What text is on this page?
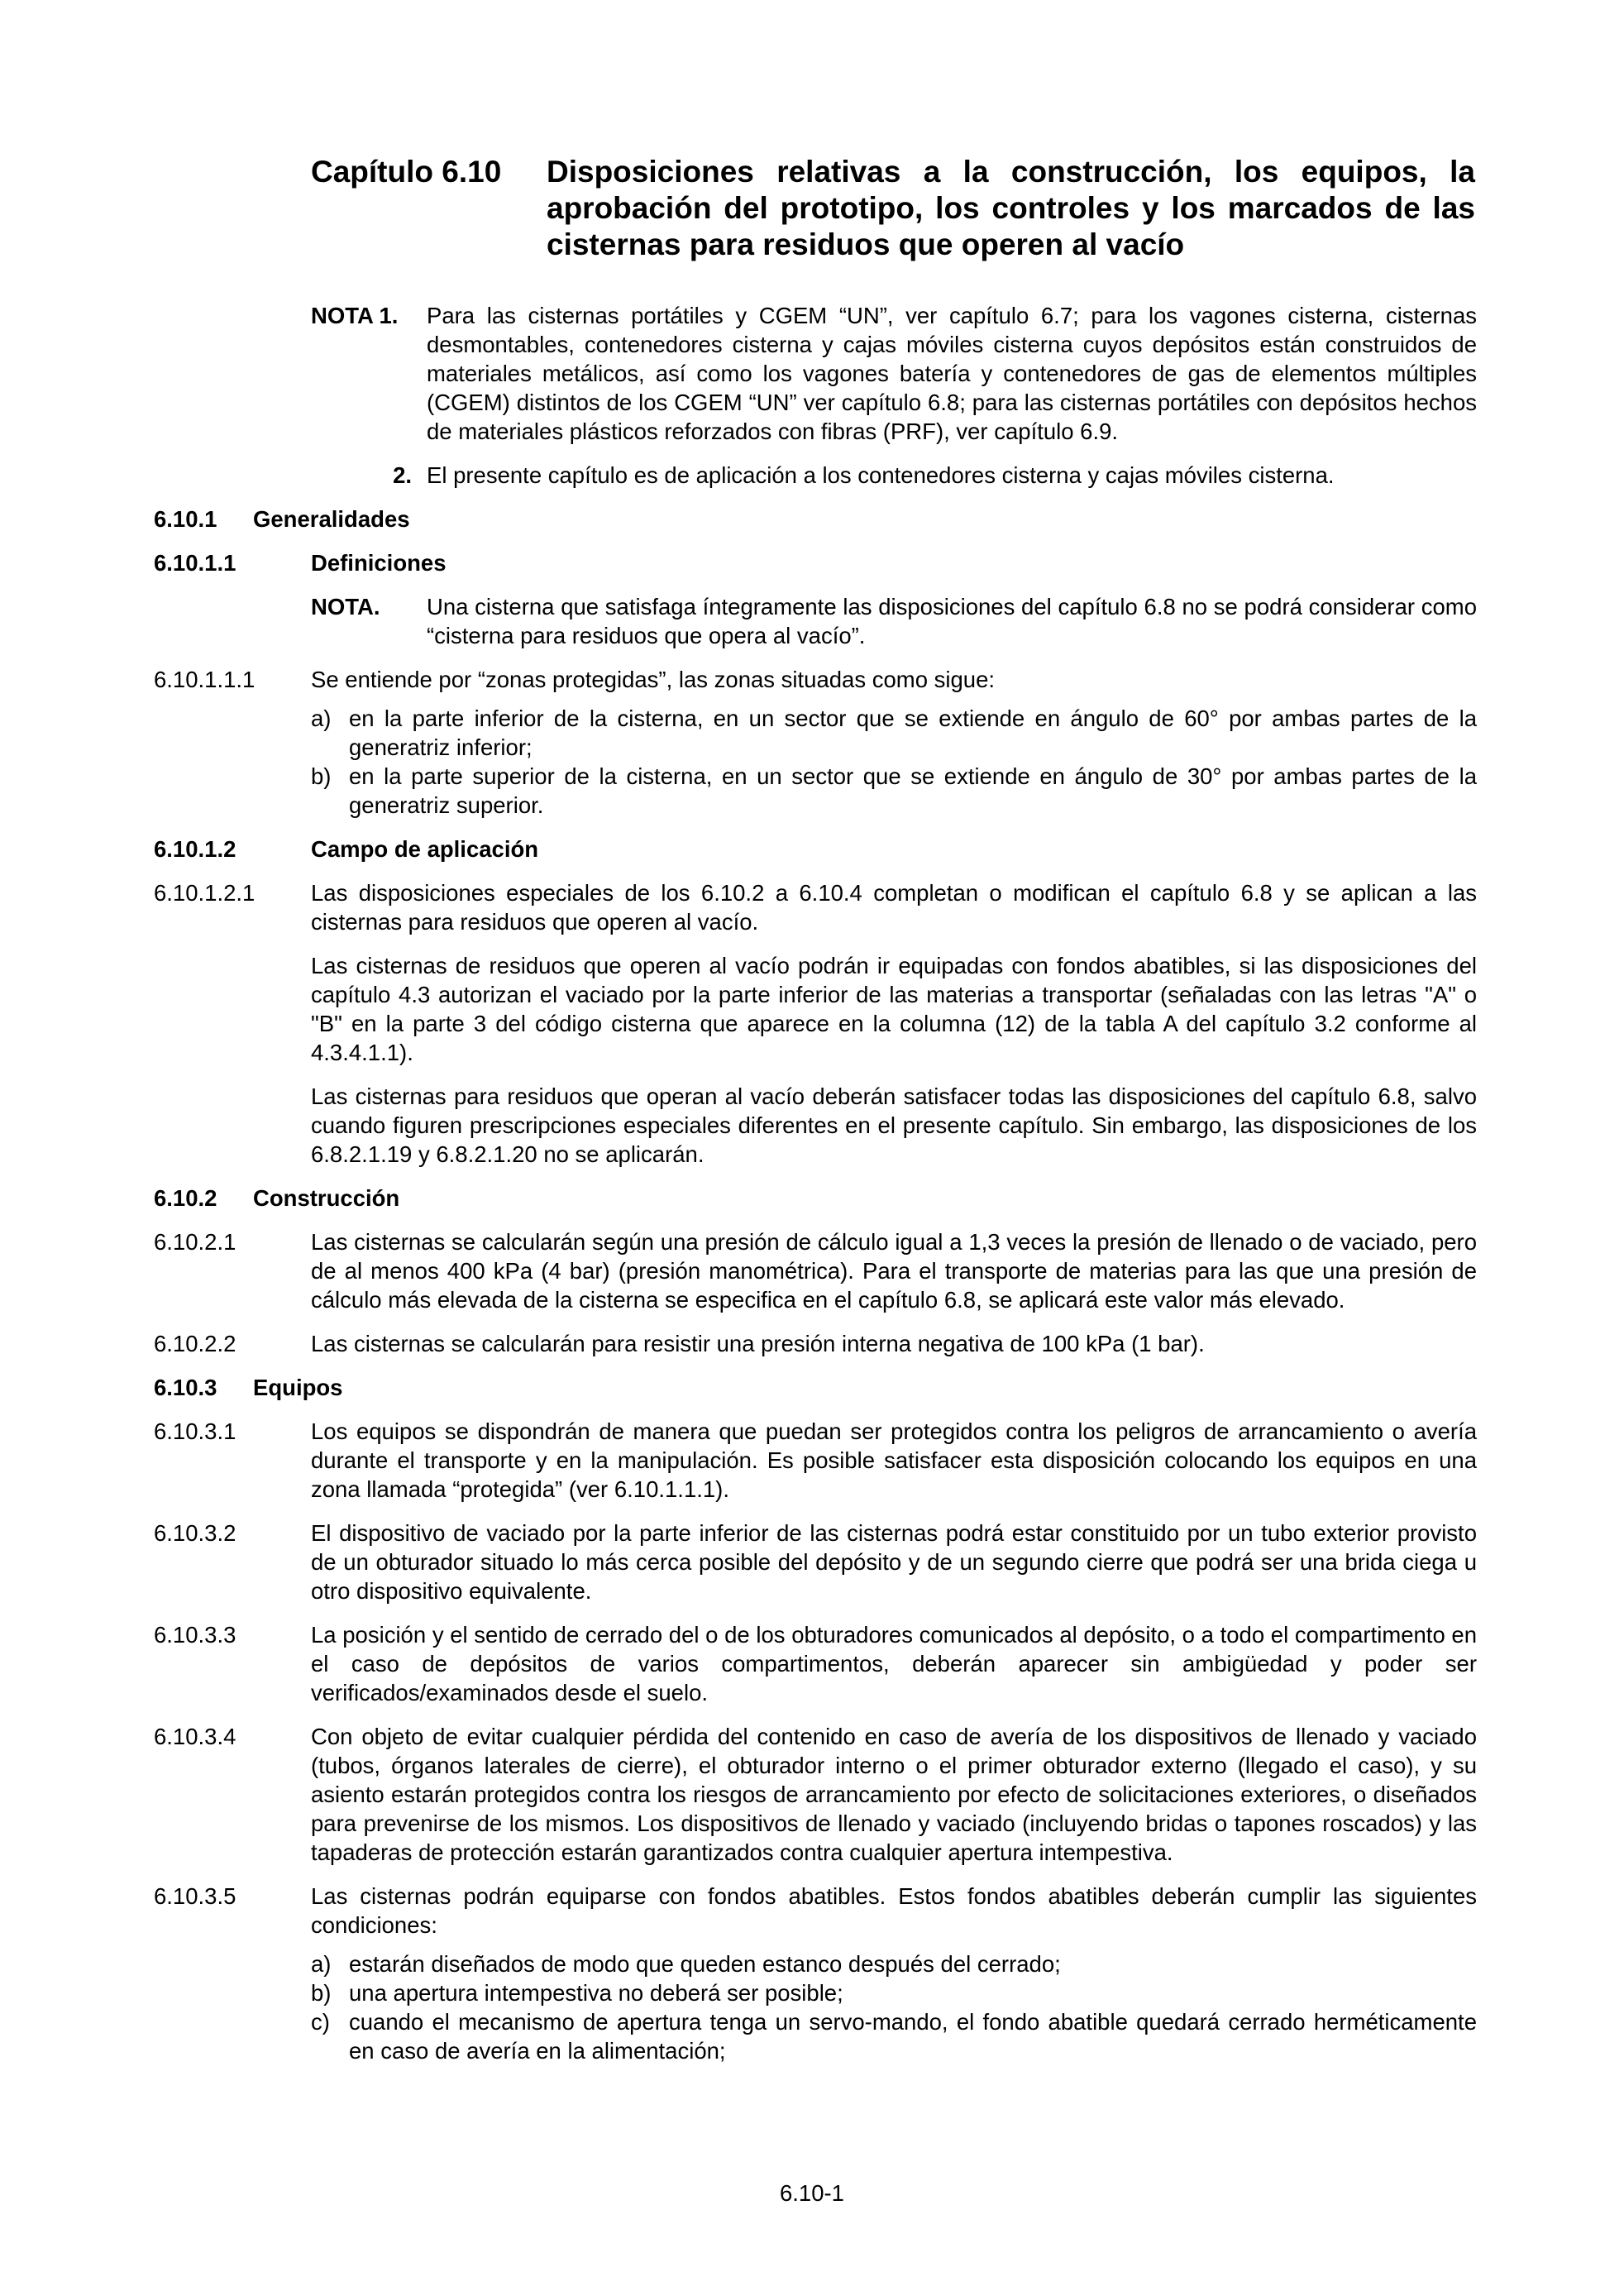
Capítulo 6.10	Disposiciones relativas a la construcción, los equipos, la aprobación del prototipo, los controles y los marcados de las cisternas para residuos que operen al vacío
NOTA 1.	Para las cisternas portátiles y CGEM “UN”, ver capítulo 6.7; para los vagones cisterna, cisternas desmontables, contenedores cisterna y cajas móviles cisterna cuyos depósitos están construidos de materiales metálicos, así como los vagones batería y contenedores de gas de elementos múltiples (CGEM) distintos de los CGEM “UN” ver capítulo 6.8; para las cisternas portátiles con depósitos hechos de materiales plásticos reforzados con fibras (PRF), ver capítulo 6.9.
2. El presente capítulo es de aplicación a los contenedores cisterna y cajas móviles cisterna.
6.10.1	Generalidades
6.10.1.1	Definiciones
NOTA.	Una cisterna que satisfaga íntegramente las disposiciones del capítulo 6.8 no se podrá considerar como “cisterna para residuos que opera al vacío”.
6.10.1.1.1	Se entiende por “zonas protegidas”, las zonas situadas como sigue:
a) en la parte inferior de la cisterna, en un sector que se extiende en ángulo de 60° por ambas partes de la generatriz inferior;
b) en la parte superior de la cisterna, en un sector que se extiende en ángulo de 30° por ambas partes de la generatriz superior.
6.10.1.2	Campo de aplicación
6.10.1.2.1	Las disposiciones especiales de los 6.10.2 a 6.10.4 completan o modifican el capítulo 6.8 y se aplican a las cisternas para residuos que operen al vacío.
Las cisternas de residuos que operen al vacío podrán ir equipadas con fondos abatibles, si las disposiciones del capítulo 4.3 autorizan el vaciado por la parte inferior de las materias a transportar (señaladas con las letras "A" o "B" en la parte 3 del código cisterna que aparece en la columna (12) de la tabla A del capítulo 3.2 conforme al 4.3.4.1.1).
Las cisternas para residuos que operan al vacío deberán satisfacer todas las disposiciones del capítulo 6.8, salvo cuando figuren prescripciones especiales diferentes en el presente capítulo. Sin embargo, las disposiciones de los 6.8.2.1.19 y 6.8.2.1.20 no se aplicarán.
6.10.2	Construcción
6.10.2.1	Las cisternas se calcularán según una presión de cálculo igual a 1,3 veces la presión de llenado o de vaciado, pero de al menos 400 kPa (4 bar) (presión manométrica). Para el transporte de materias para las que una presión de cálculo más elevada de la cisterna se especifica en el capítulo 6.8, se aplicará este valor más elevado.
6.10.2.2	Las cisternas se calcularán para resistir una presión interna negativa de 100 kPa (1 bar).
6.10.3	Equipos
6.10.3.1	Los equipos se dispondrán de manera que puedan ser protegidos contra los peligros de arrancamiento o avería durante el transporte y en la manipulación. Es posible satisfacer esta disposición colocando los equipos en una zona llamada “protegida” (ver 6.10.1.1.1).
6.10.3.2	El dispositivo de vaciado por la parte inferior de las cisternas podrá estar constituido por un tubo exterior provisto de un obturador situado lo más cerca posible del depósito y de un segundo cierre que podrá ser una brida ciega u otro dispositivo equivalente.
6.10.3.3	La posición y el sentido de cerrado del o de los obturadores comunicados al depósito, o a todo el compartimento en el caso de depósitos de varios compartimentos, deberán aparecer sin ambigüedad y poder ser verificados/examinados desde el suelo.
6.10.3.4	Con objeto de evitar cualquier pérdida del contenido en caso de avería de los dispositivos de llenado y vaciado (tubos, órganos laterales de cierre), el obturador interno o el primer obturador externo (llegado el caso), y su asiento estarán protegidos contra los riesgos de arrancamiento por efecto de solicitaciones exteriores, o diseñados para prevenirse de los mismos. Los dispositivos de llenado y vaciado (incluyendo bridas o tapones roscados) y las tapaderas de protección estarán garantizados contra cualquier apertura intempestiva.
6.10.3.5	Las cisternas podrán equiparse con fondos abatibles. Estos fondos abatibles deberán cumplir las siguientes condiciones:
a) estarán diseñados de modo que queden estanco después del cerrado;
b) una apertura intempestiva no deberá ser posible;
c) cuando el mecanismo de apertura tenga un servo-mando, el fondo abatible quedará cerrado herméticamente en caso de avería en la alimentación;
6.10-1
